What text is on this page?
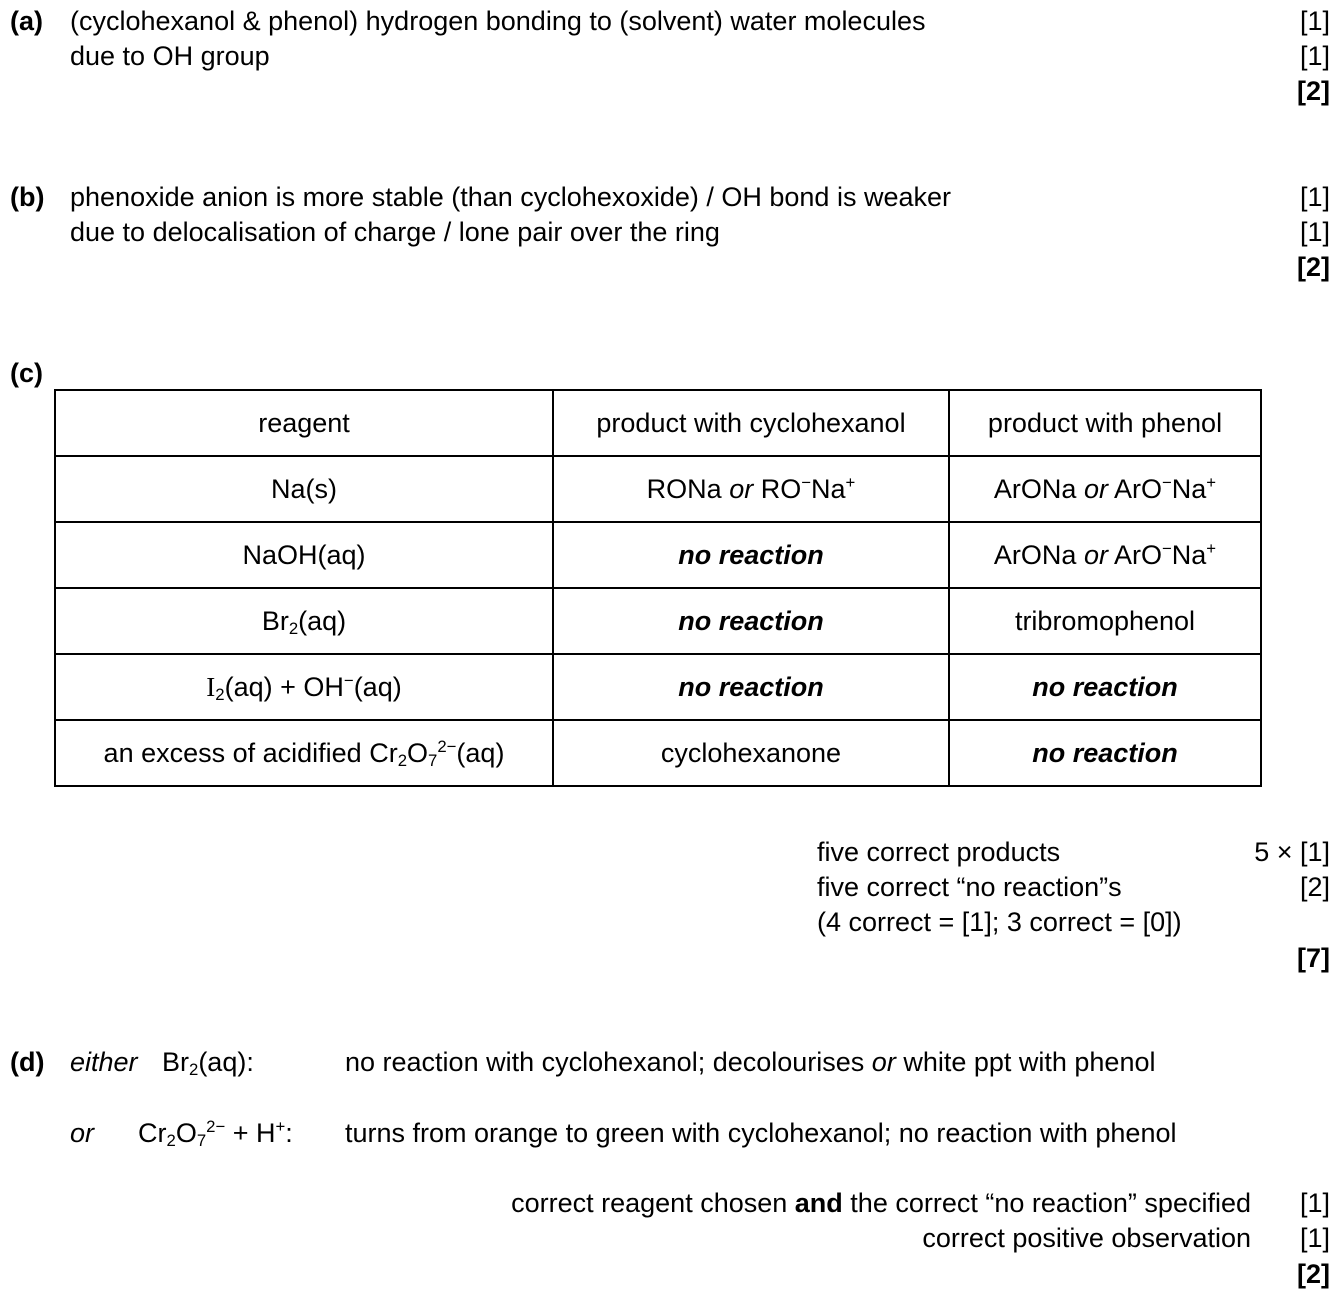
(a) (cyclohexanol & phenol) hydrogen bonding to (solvent) water molecules	[1]
due to OH group	[1]
[2]
(b) phenoxide anion is more stable (than cyclohexoxide) / OH bond is weaker	[1]
due to delocalisation of charge / lone pair over the ring	[1]
[2]
(c)
reagent	product with cyclohexanol	product with phenol
Na(s)	RONa or RO−Na+	ArONa or ArO−Na+
NaOH(aq)	no reaction	ArONa or ArO−Na+
$Br_2(aq)$	no reaction	tribromophenol
$I_2(aq) + OH^-(aq)$	no reaction	no reaction
an excess of acidified $Cr_2O_7^{2-}(aq)$	cyclohexanone	no reaction
five correct products	5 × [1]
five correct “no reaction”s	[2]
(4 correct = [1]; 3 correct = [0])
[7]
(d) either $Br_2(aq)$:	no reaction with cyclohexanol; decolourises or white ppt with phenol
or $Cr_2O_7^{2-} + H^+$: turns from orange to green with cyclohexanol; no reaction with phenol
correct reagent chosen and the correct “no reaction” specified [1]
correct positive observation [1]
[2]
